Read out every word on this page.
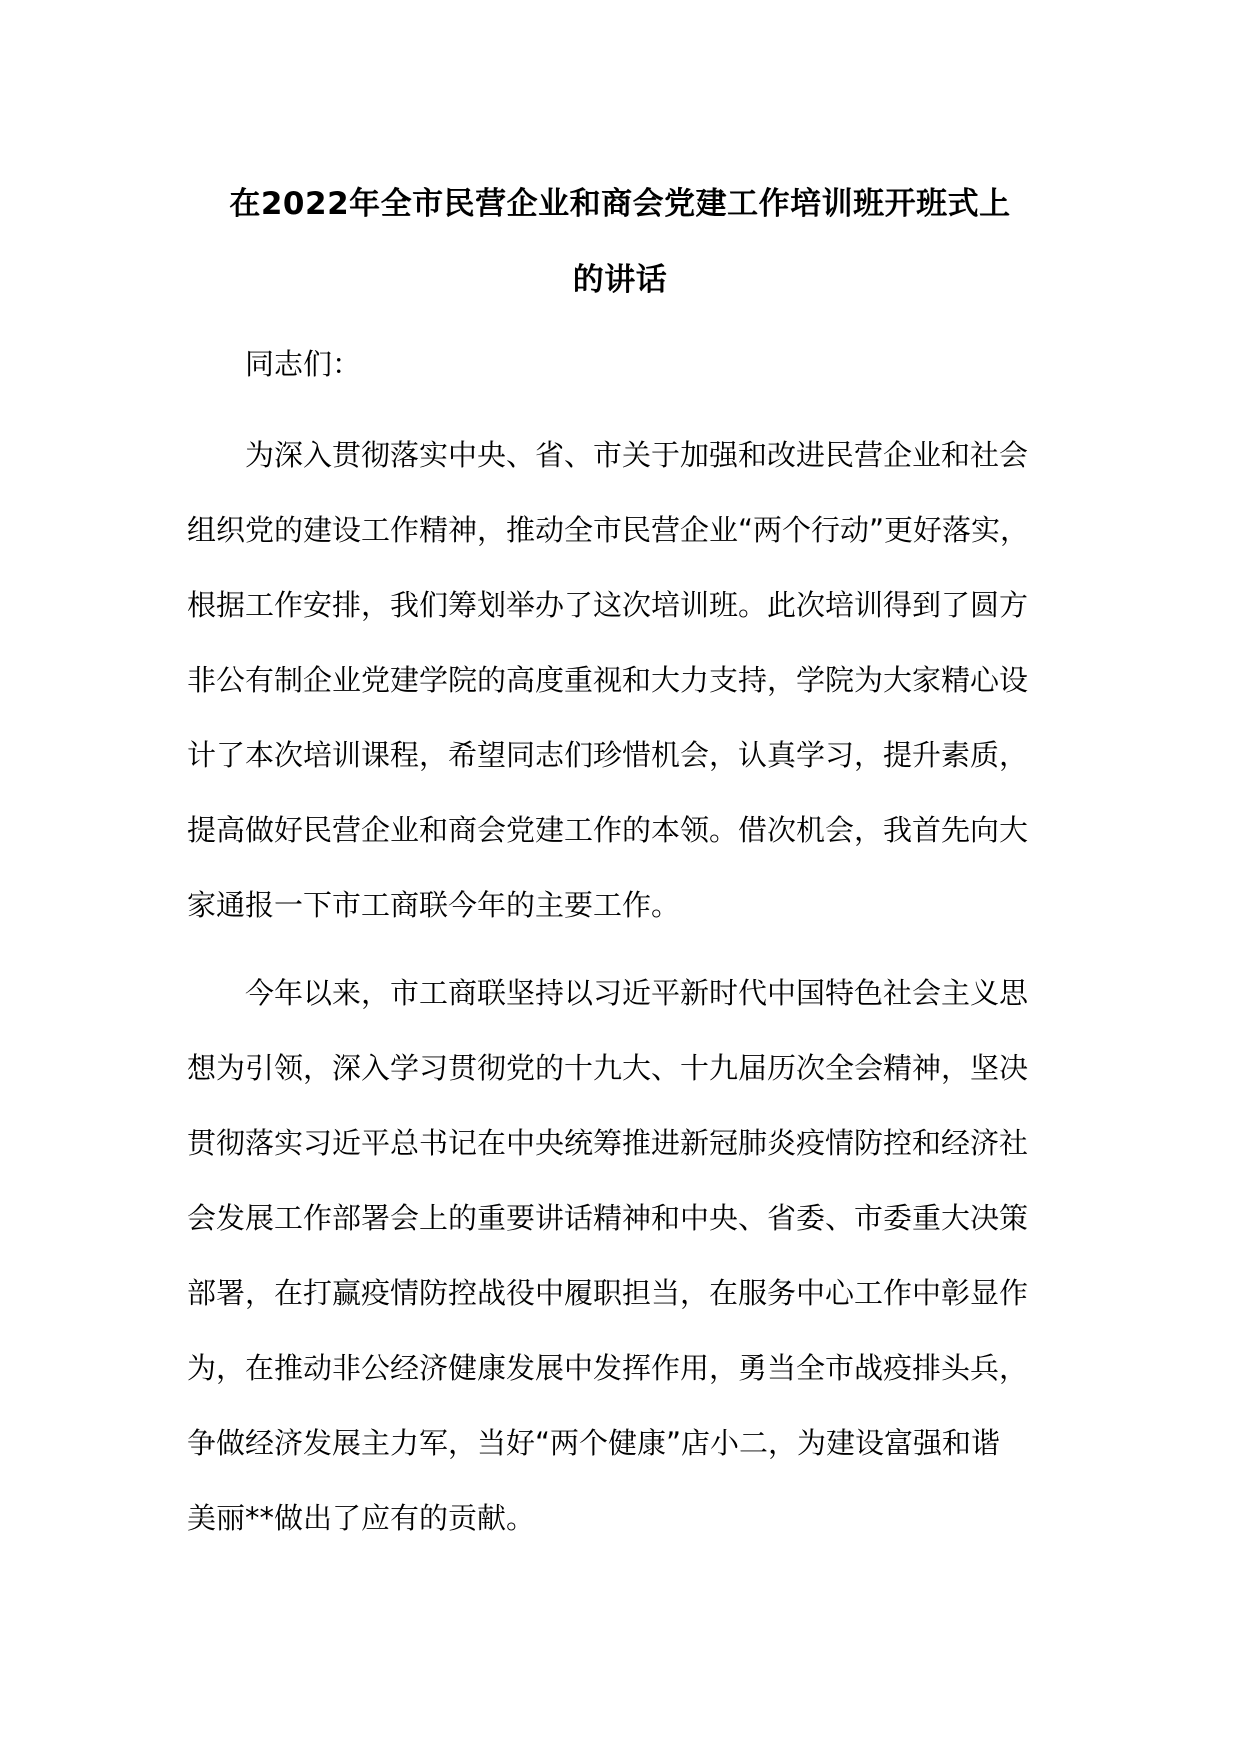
在2022年全市民营企业和商会党建工作培训班开班式上
的讲话
同志们：
为深入贯彻落实中央、省、市关于加强和改进民营企业和社会
组织党的建设工作精神，推动全市民营企业“两个行动”更好落实，
根据工作安排，我们筹划举办了这次培训班。此次培训得到了圆方
非公有制企业党建学院的高度重视和大力支持，学院为大家精心设
计了本次培训课程，希望同志们珍惜机会，认真学习，提升素质，
提高做好民营企业和商会党建工作的本领。借次机会，我首先向大
家通报一下市工商联今年的主要工作。
今年以来，市工商联坚持以习近平新时代中国特色社会主义思
想为引领，深入学习贯彻党的十九大、十九届历次全会精神，坚决
贯彻落实习近平总书记在中央统筹推进新冠肺炎疫情防控和经济社
会发展工作部署会上的重要讲话精神和中央、省委、市委重大决策
部署，在打赢疫情防控战役中履职担当，在服务中心工作中彰显作
为，在推动非公经济健康发展中发挥作用，勇当全市战疫排头兵，
争做经济发展主力军，当好“两个健康”店小二，为建设富强和谐
美丽**做出了应有的贡献。
